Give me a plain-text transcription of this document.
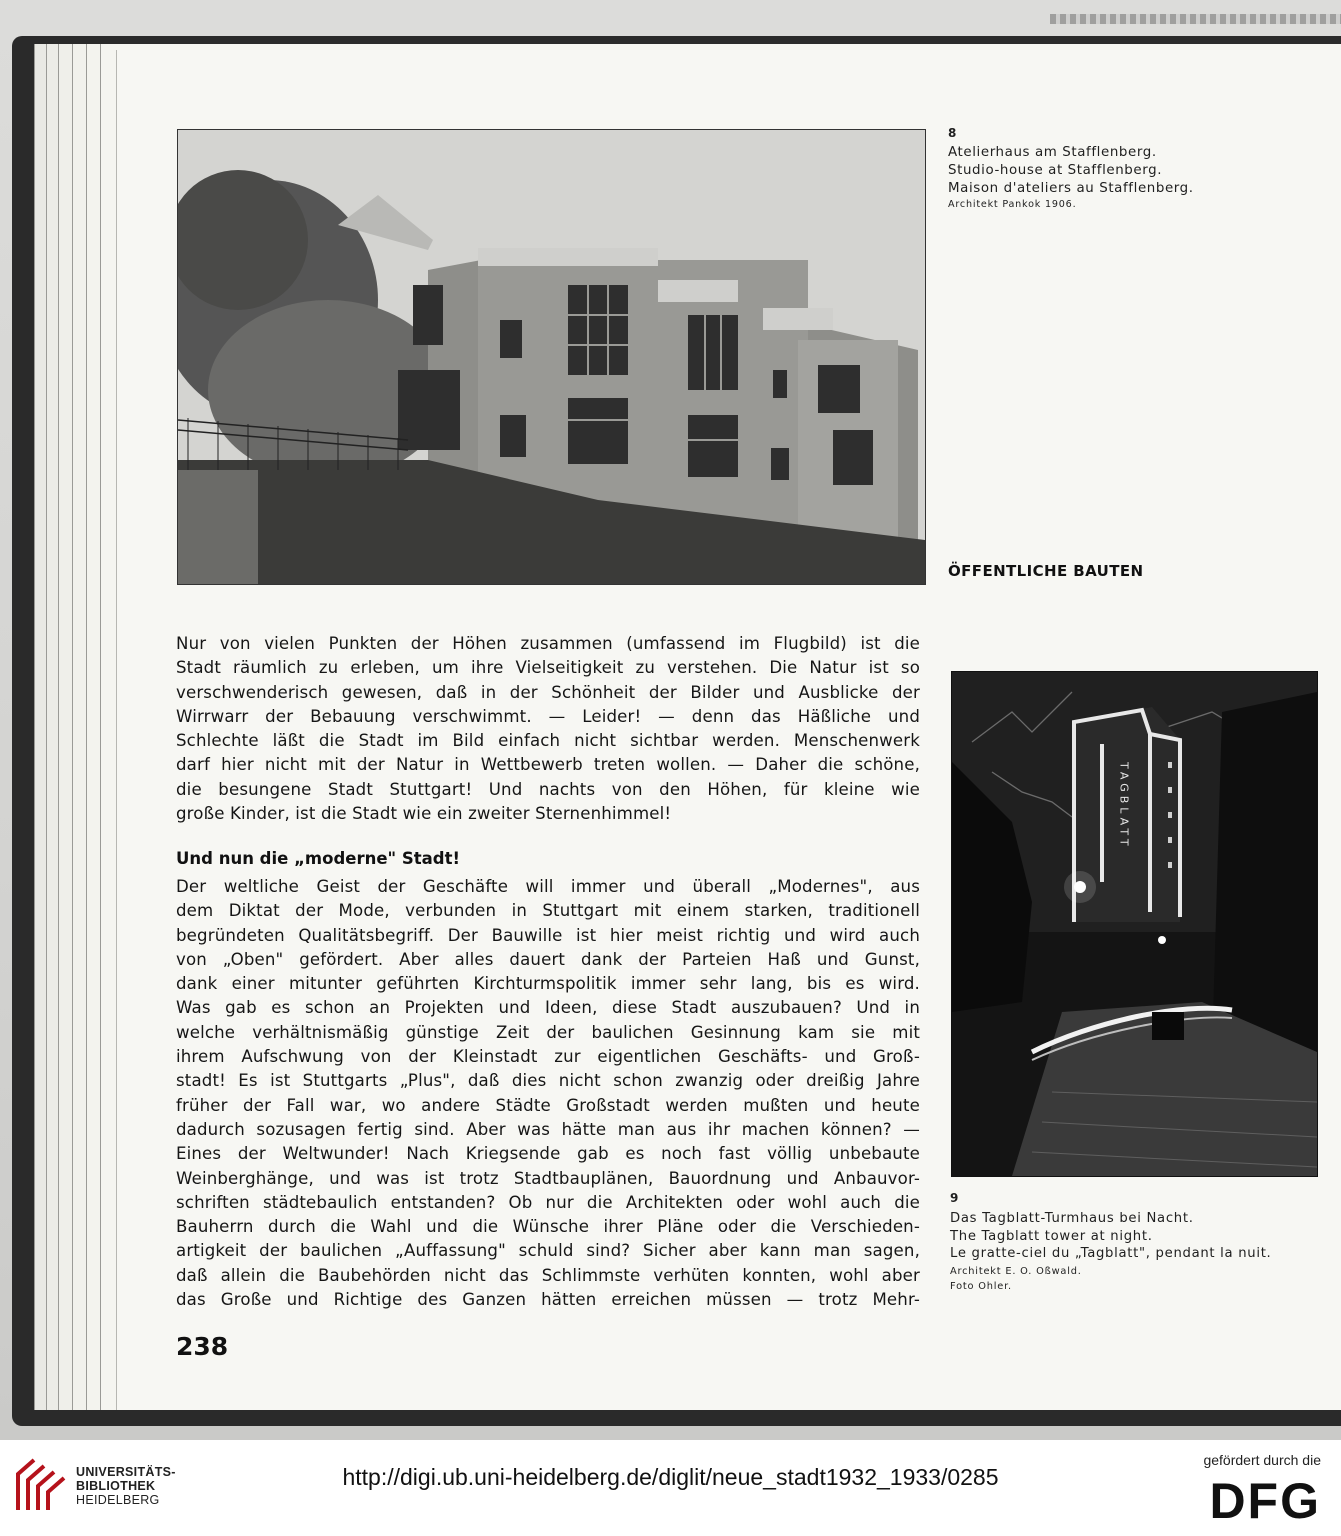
8
Atelierhaus am Stafflenberg.
Studio-house at Stafflenberg.
Maison d'ateliers au Stafflenberg.
Architekt Pankok 1906.
ÖFFENTLICHE BAUTEN
TAGBLATT
9
Das Tagblatt-Turmhaus bei Nacht.
The Tagblatt tower at night.
Le gratte-ciel du „Tagblatt", pendant la nuit.
Architekt E. O. Oßwald.
Foto Ohler.
Nur von vielen Punkten der Höhen zusammen (umfassend im Flugbild) ist die
Stadt räumlich zu erleben, um ihre Vielseitigkeit zu verstehen. Die Natur ist so
verschwenderisch gewesen, daß in der Schönheit der Bilder und Ausblicke der
Wirrwarr der Bebauung verschwimmt. — Leider! — denn das Häßliche und
Schlechte läßt die Stadt im Bild einfach nicht sichtbar werden. Menschenwerk
darf hier nicht mit der Natur in Wettbewerb treten wollen. — Daher die schöne,
die besungene Stadt Stuttgart! Und nachts von den Höhen, für kleine wie
große Kinder, ist die Stadt wie ein zweiter Sternenhimmel!
Und nun die „moderne" Stadt!
Der weltliche Geist der Geschäfte will immer und überall „Modernes", aus
dem Diktat der Mode, verbunden in Stuttgart mit einem starken, traditionell
begründeten Qualitätsbegriff. Der Bauwille ist hier meist richtig und wird auch
von „Oben" gefördert. Aber alles dauert dank der Parteien Haß und Gunst,
dank einer mitunter geführten Kirchturmspolitik immer sehr lang, bis es wird.
Was gab es schon an Projekten und Ideen, diese Stadt auszubauen? Und in
welche verhältnismäßig günstige Zeit der baulichen Gesinnung kam sie mit
ihrem Aufschwung von der Kleinstadt zur eigentlichen Geschäfts- und Groß-
stadt! Es ist Stuttgarts „Plus", daß dies nicht schon zwanzig oder dreißig Jahre
früher der Fall war, wo andere Städte Großstadt werden mußten und heute
dadurch sozusagen fertig sind. Aber was hätte man aus ihr machen können? —
Eines der Weltwunder! Nach Kriegsende gab es noch fast völlig unbebaute
Weinberghänge, und was ist trotz Stadtbauplänen, Bauordnung und Anbauvor-
schriften städtebaulich entstanden? Ob nur die Architekten oder wohl auch die
Bauherrn durch die Wahl und die Wünsche ihrer Pläne oder die Verschieden-
artigkeit der baulichen „Auffassung" schuld sind? Sicher aber kann man sagen,
daß allein die Baubehörden nicht das Schlimmste verhüten konnten, wohl aber
das Große und Richtige des Ganzen hätten erreichen müssen — trotz Mehr-
238
UNIVERSITÄTS-
BIBLIOTHEK
HEIDELBERG
http://digi.ub.uni-heidelberg.de/diglit/neue_stadt1932_1933/0285
gefördert durch die
DFG
